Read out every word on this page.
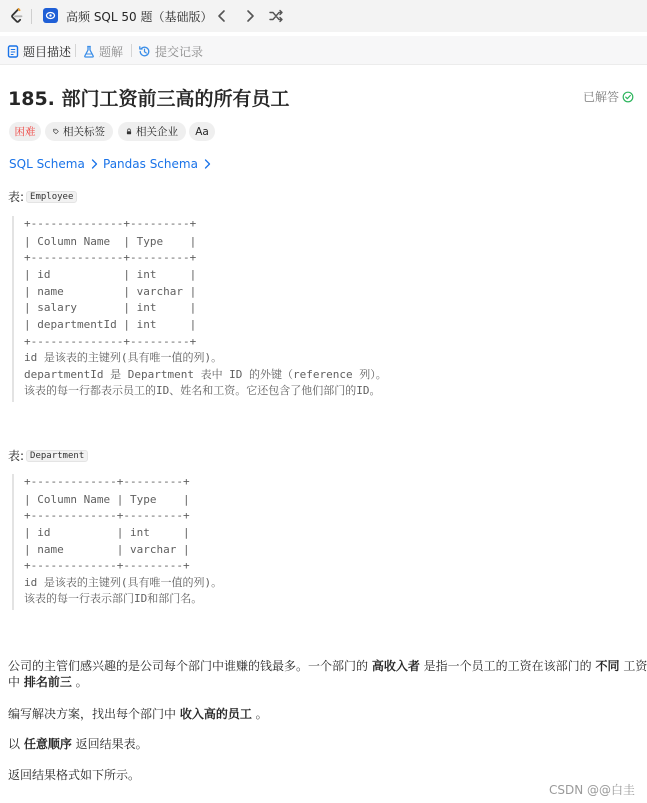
高频 SQL 50 题（基础版）
题目描述 题解	提交记录
185. 部门工资前三高的所有员工	已解答
困难	相关标签	相关企业 Aa
SQL Schema Pandas Schema
表: Employee
+--------------+---------+
| Column Name  | Type    |
+--------------+---------+
| id           | int     |
| name         | varchar |
| salary       | int     |
| departmentId | int     |
+--------------+---------+
id 是该表的主键列(具有唯一值的列)。
departmentId 是 Department 表中 ID 的外键（reference 列）。
该表的每一行都表示员工的ID、姓名和工资。它还包含了他们部门的ID。
表: Department
+-------------+---------+
| Column Name | Type    |
+-------------+---------+
| id          | int     |
| name        | varchar |
+-------------+---------+
id 是该表的主键列(具有唯一值的列)。
该表的每一行表示部门ID和部门名。
公司的主管们感兴趣的是公司每个部门中谁赚的钱最多。一个部门的 高收入者 是指一个员工的工资在该部门的 不同 工资
中 排名前三 。
编写解决方案，找出每个部门中 收入高的员工 。
以 任意顺序 返回结果表。
返回结果格式如下所示。
CSDN @@白圭
